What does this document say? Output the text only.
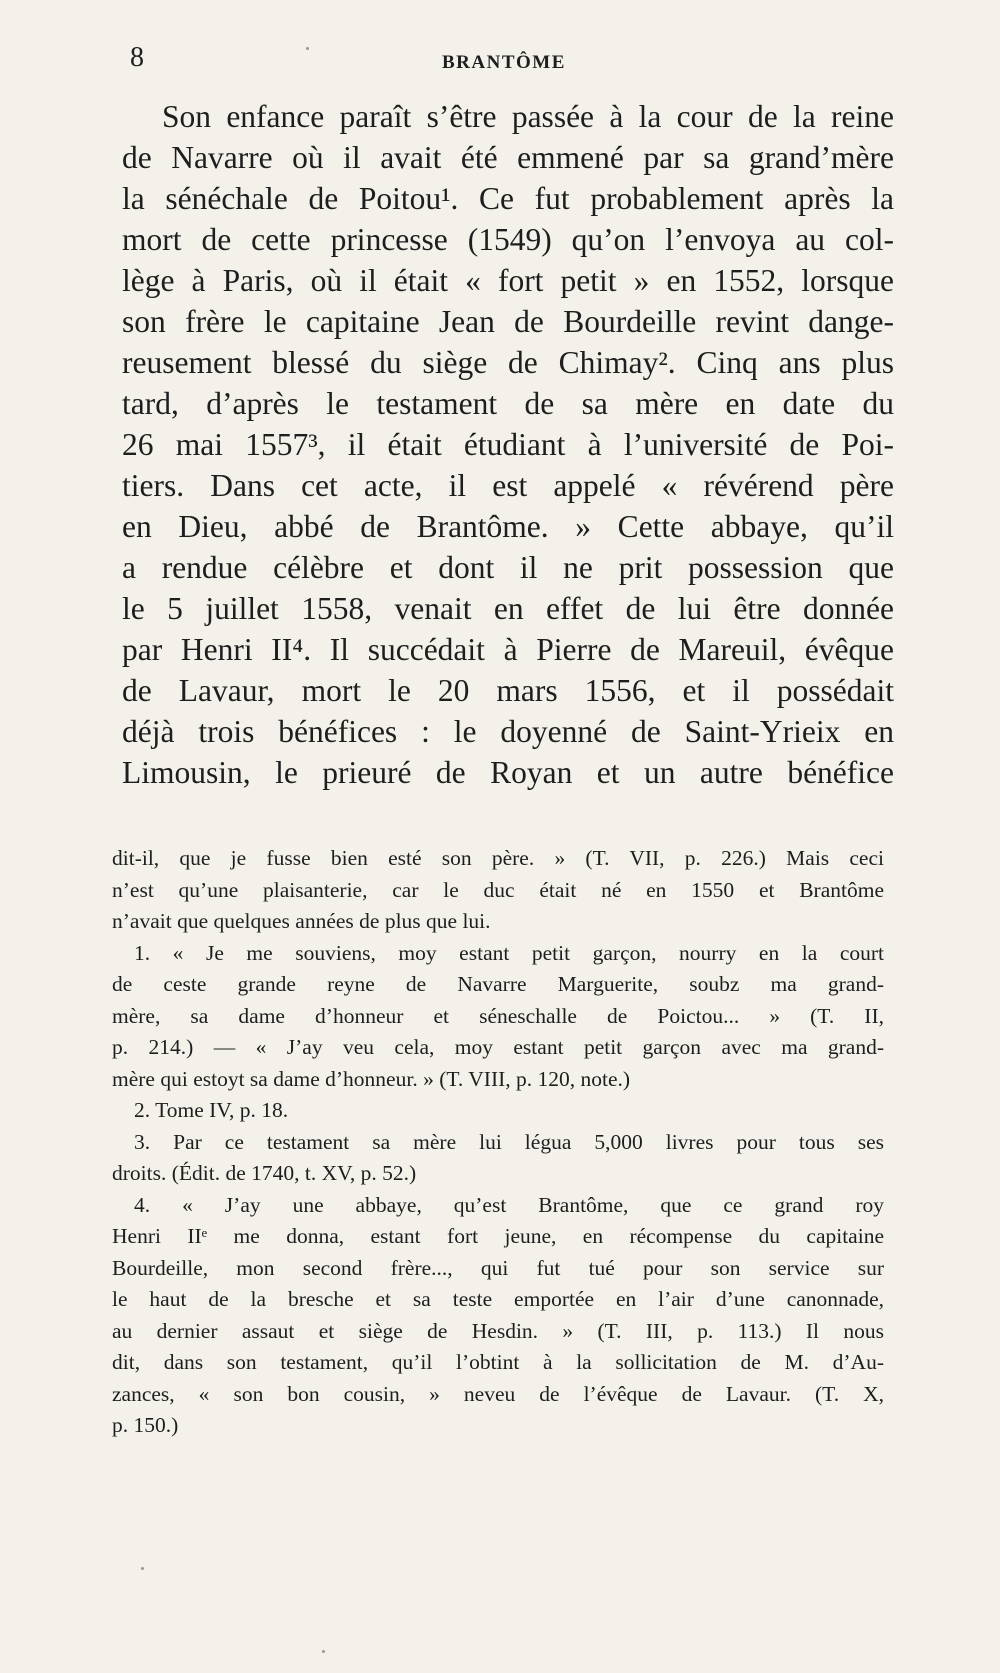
8	BRANTÔME
Son enfance paraît s’être passée à la cour de la reine
de Navarre où il avait été emmené par sa grand’mère
la sénéchale de Poitou¹. Ce fut probablement après la
mort de cette princesse (1549) qu’on l’envoya au col-
lège à Paris, où il était « fort petit » en 1552, lorsque
son frère le capitaine Jean de Bourdeille revint dange-
reusement blessé du siège de Chimay². Cinq ans plus
tard, d’après le testament de sa mère en date du
26 mai 1557³, il était étudiant à l’université de Poi-
tiers. Dans cet acte, il est appelé « révérend père
en Dieu, abbé de Brantôme. » Cette abbaye, qu’il
a rendue célèbre et dont il ne prit possession que
le 5 juillet 1558, venait en effet de lui être donnée
par Henri II⁴. Il succédait à Pierre de Mareuil, évêque
de Lavaur, mort le 20 mars 1556, et il possédait
déjà trois bénéfices : le doyenné de Saint-Yrieix en
Limousin, le prieuré de Royan et un autre bénéfice
dit-il, que je fusse bien esté son père. » (T. VII, p. 226.) Mais ceci
n’est qu’une plaisanterie, car le duc était né en 1550 et Brantôme
n’avait que quelques années de plus que lui.
1. « Je me souviens, moy estant petit garçon, nourry en la court
de ceste grande reyne de Navarre Marguerite, soubz ma grand-
mère, sa dame d’honneur et séneschalle de Poictou... » (T. II,
p. 214.) — « J’ay veu cela, moy estant petit garçon avec ma grand-
mère qui estoyt sa dame d’honneur. » (T. VIII, p. 120, note.)
2. Tome IV, p. 18.
3. Par ce testament sa mère lui légua 5,000 livres pour tous ses
droits. (Édit. de 1740, t. XV, p. 52.)
4. « J’ay une abbaye, qu’est Brantôme, que ce grand roy
Henri IIᵉ me donna, estant fort jeune, en récompense du capitaine
Bourdeille, mon second frère..., qui fut tué pour son service sur
le haut de la bresche et sa teste emportée en l’air d’une canonnade,
au dernier assaut et siège de Hesdin. » (T. III, p. 113.) Il nous
dit, dans son testament, qu’il l’obtint à la sollicitation de M. d’Au-
zances, « son bon cousin, » neveu de l’évêque de Lavaur. (T. X,
p. 150.)
